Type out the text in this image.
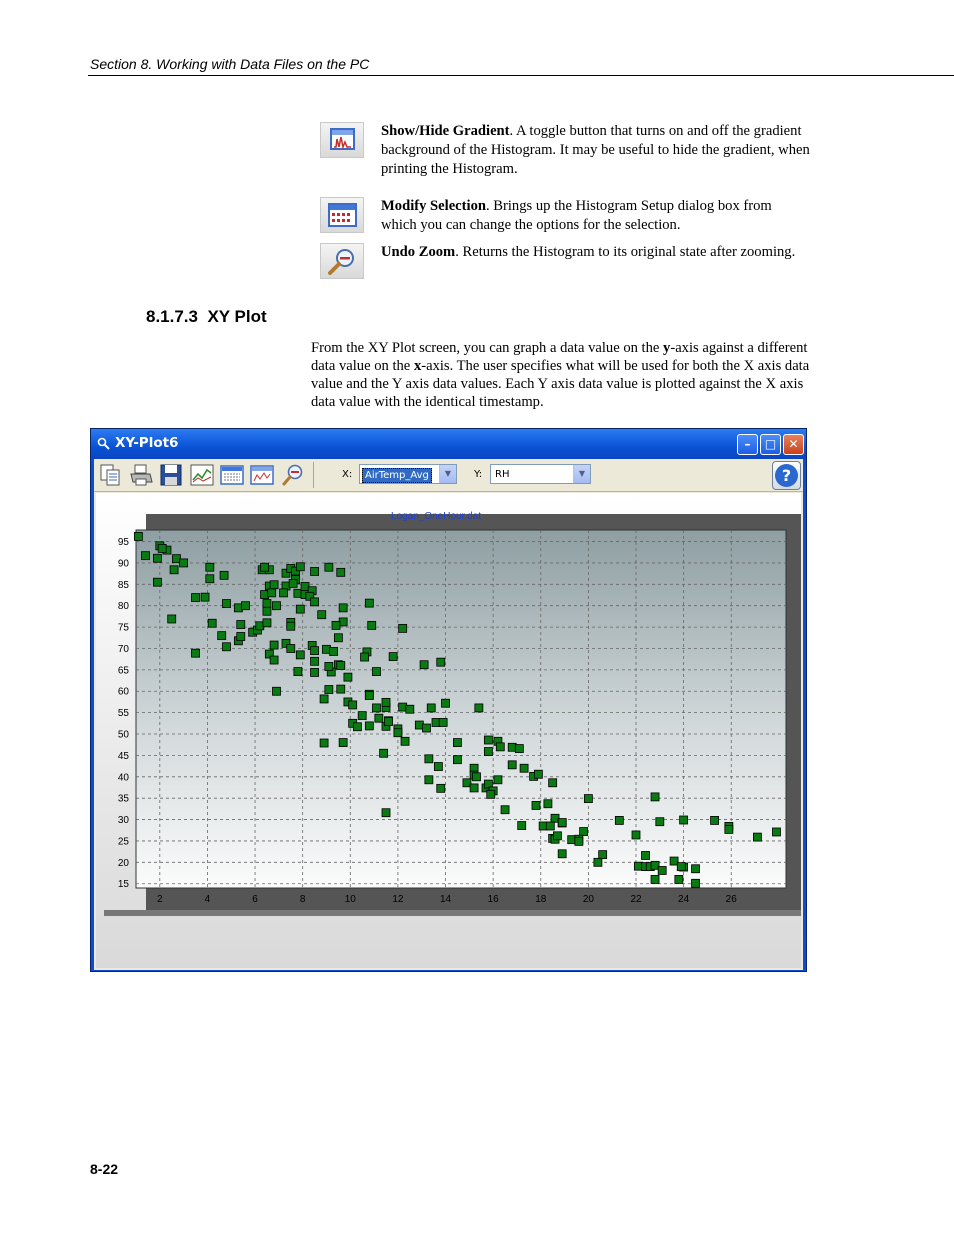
Section 8. Working with Data Files on the PC
Show/Hide Gradient. A toggle button that turns on and off the gradient background of the Histogram. It may be useful to hide the gradient, when printing the Histogram.
Modify Selection. Brings up the Histogram Setup dialog box from which you can change the options for the selection.
Undo Zoom. Returns the Histogram to its original state after zooming.
8.1.7.3 XY Plot
From the XY Plot screen, you can graph a data value on the y-axis against a different data value on the x-axis. The user specifies what will be used for both the X axis data value and the Y axis data values. Each Y axis data value is plotted against the X axis data value with the identical timestamp.
XY-Plot6	–	□	✕
X:	AirTemp_Avg	▼	Y: RH	▼	?
Logan_OneHour.dat
2	4	6	8	10	12	14	16	18	20	22	24	26
15
20
25
30
35
40
45
50
55
60
65
70
75
80
85
90
95
8-22
